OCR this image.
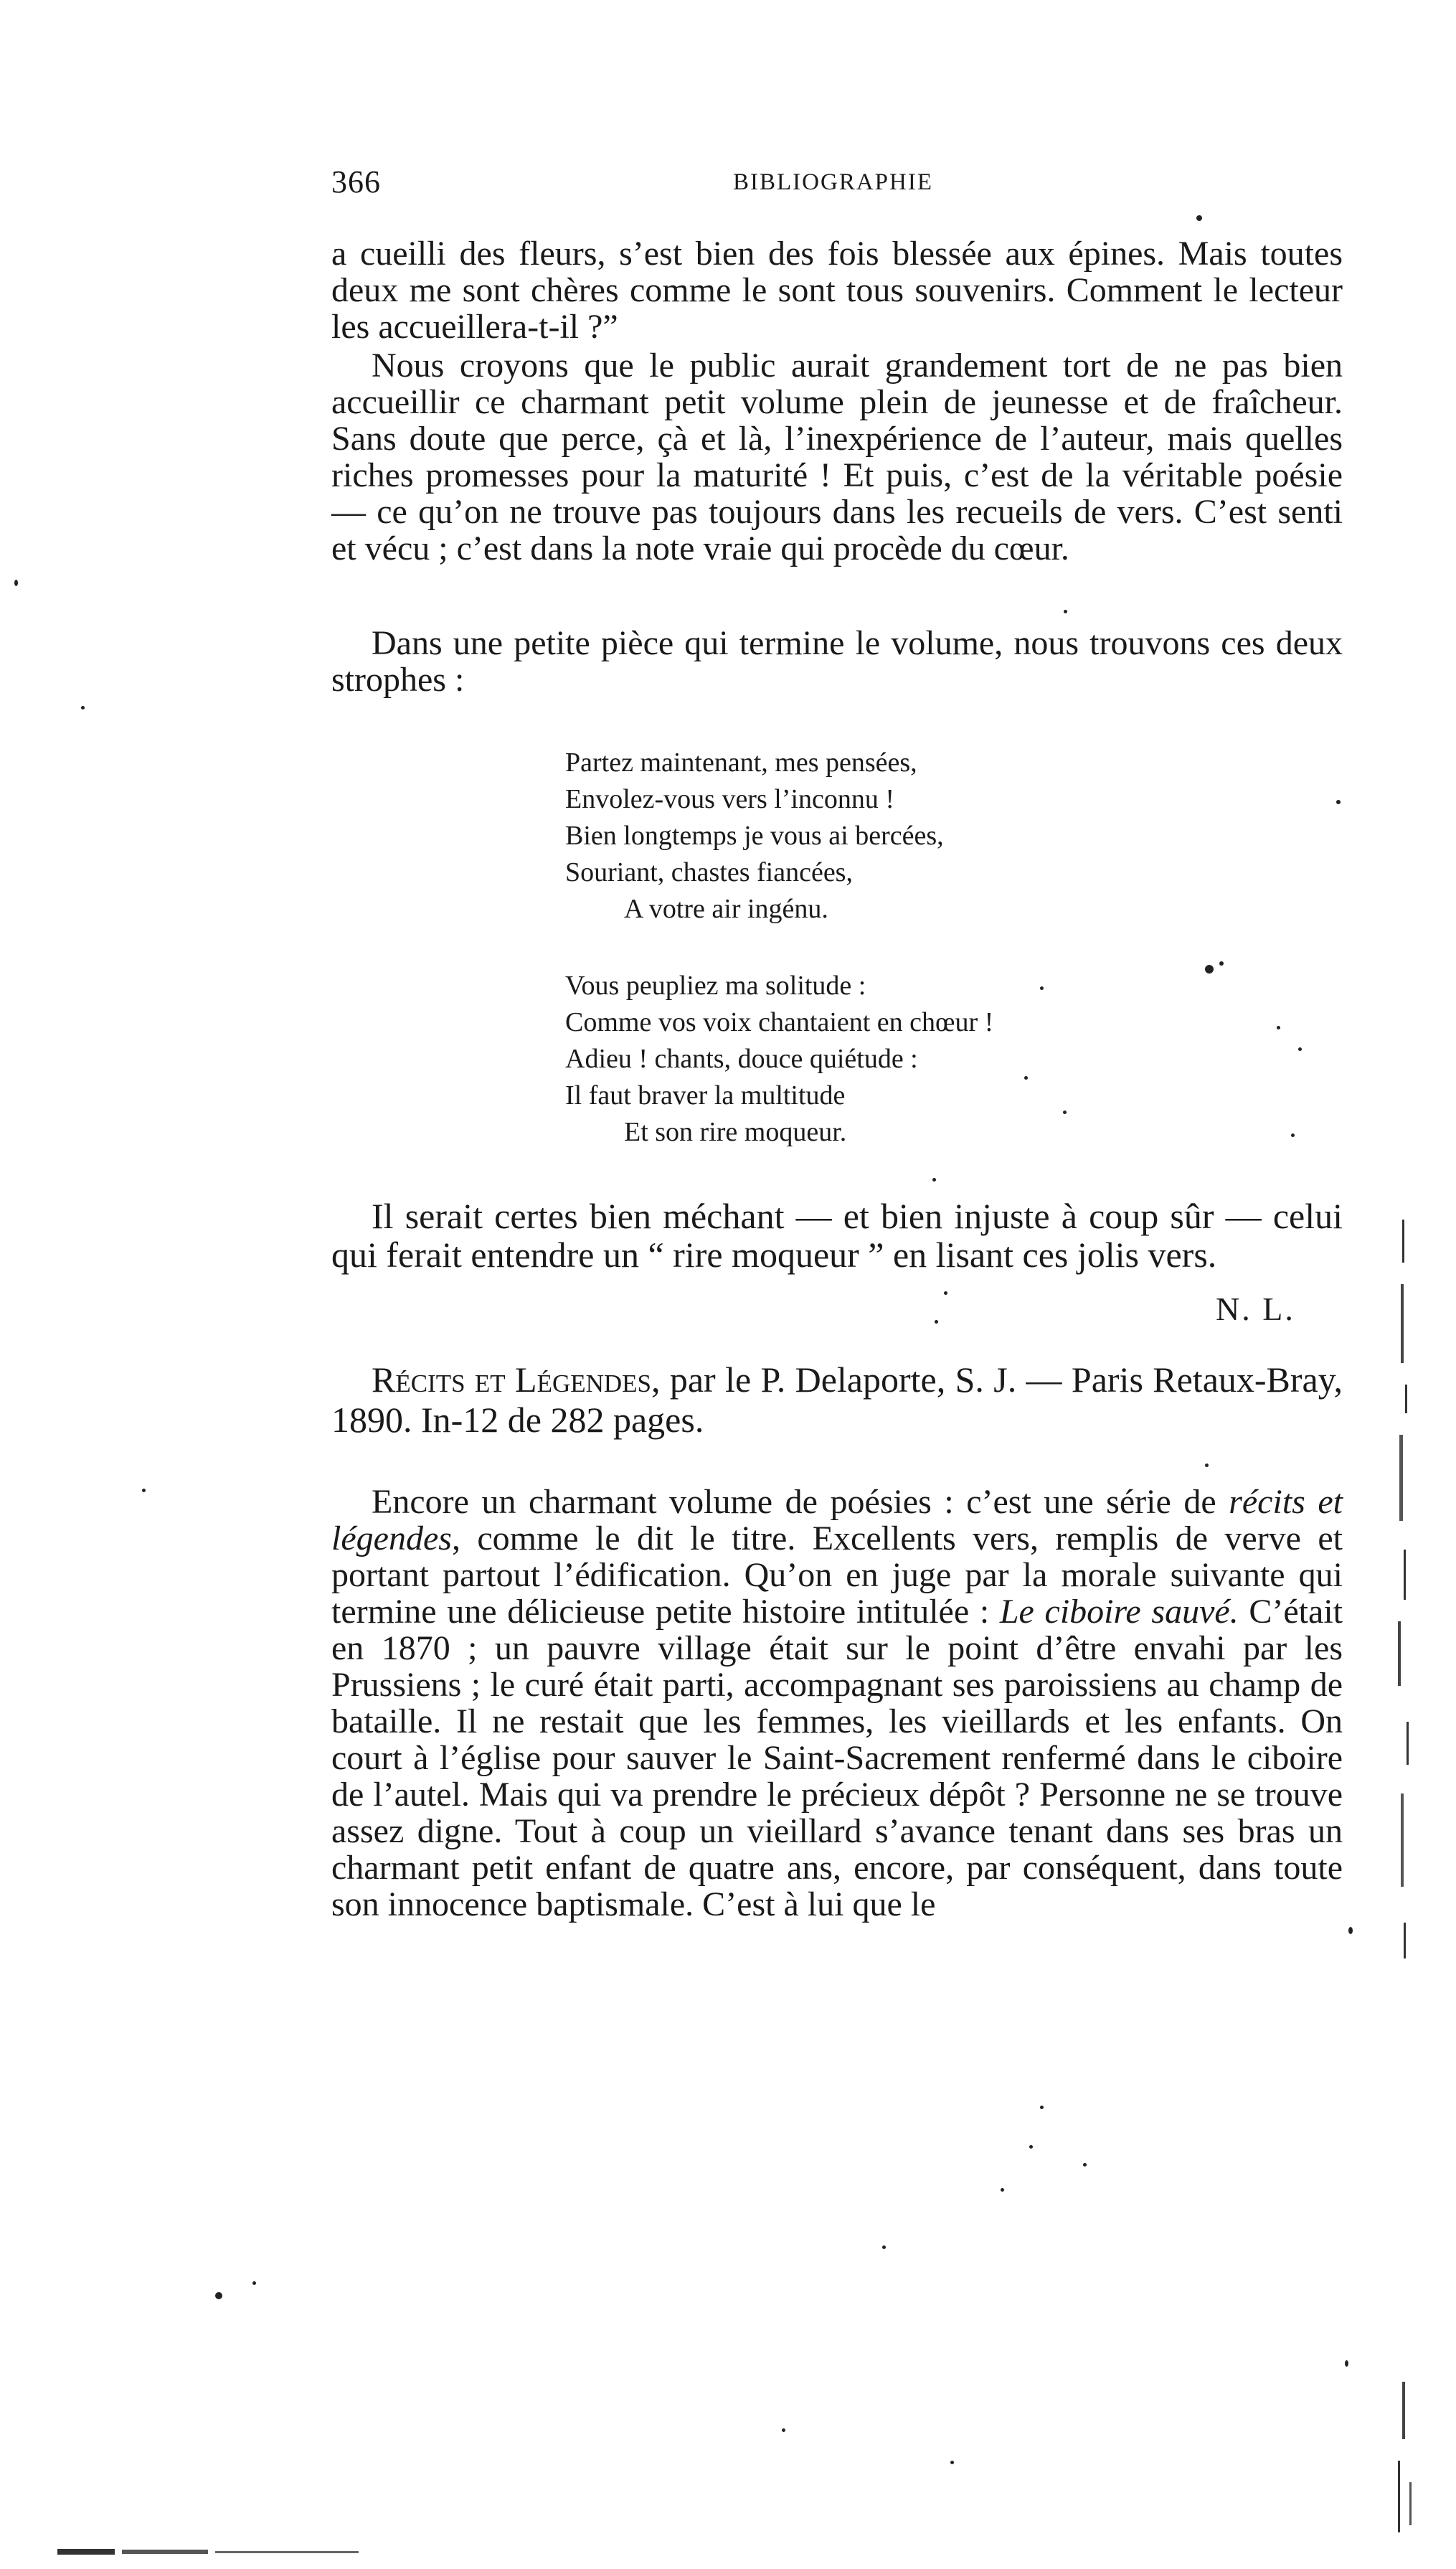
366	BIBLIOGRAPHIE

a cueilli des fleurs, s’est bien des fois blessée aux épines. Mais toutes deux me sont chères comme le sont tous souvenirs. Comment le lecteur les accueillera-t-il ?”

Nous croyons que le public aurait grandement tort de ne pas bien accueillir ce charmant petit volume plein de jeunesse et de fraîcheur. Sans doute que perce, çà et là, l’inexpérience de l’auteur, mais quelles riches promesses pour la maturité ! Et puis, c’est de la véritable poésie — ce qu’on ne trouve pas toujours dans les recueils de vers. C’est senti et vécu ; c’est dans la note vraie qui procède du cœur.

Dans une petite pièce qui termine le volume, nous trouvons ces deux strophes :

Partez maintenant, mes pensées,
Envolez-vous vers l’inconnu !
Bien longtemps je vous ai bercées,
Souriant, chastes fiancées,
A votre air ingénu.
Vous peupliez ma solitude :
Comme vos voix chantaient en chœur !
Adieu ! chants, douce quiétude :
Il faut braver la multitude
Et son rire moqueur.

Il serait certes bien méchant — et bien injuste à coup sûr — celui qui ferait entendre un “ rire moqueur ” en lisant ces jolis vers.

N. L.

Récits et Légendes, par le P. Delaporte, S. J. — Paris Retaux-Bray, 1890. In-12 de 282 pages.

Encore un charmant volume de poésies : c’est une série de récits et légendes, comme le dit le titre. Excellents vers, remplis de verve et portant partout l’édification. Qu’on en juge par la morale suivante qui termine une délicieuse petite histoire intitulée : Le ciboire sauvé. C’était en 1870 ; un pauvre village était sur le point d’être envahi par les Prussiens ; le curé était parti, accompagnant ses paroissiens au champ de bataille. Il ne restait que les femmes, les vieillards et les enfants. On court à l’église pour sauver le Saint-Sacrement renfermé dans le ciboire de l’autel. Mais qui va prendre le précieux dépôt ? Personne ne se trouve assez digne. Tout à coup un vieillard s’avance tenant dans ses bras un charmant petit enfant de quatre ans, encore, par conséquent, dans toute son innocence baptismale. C’est à lui que le
